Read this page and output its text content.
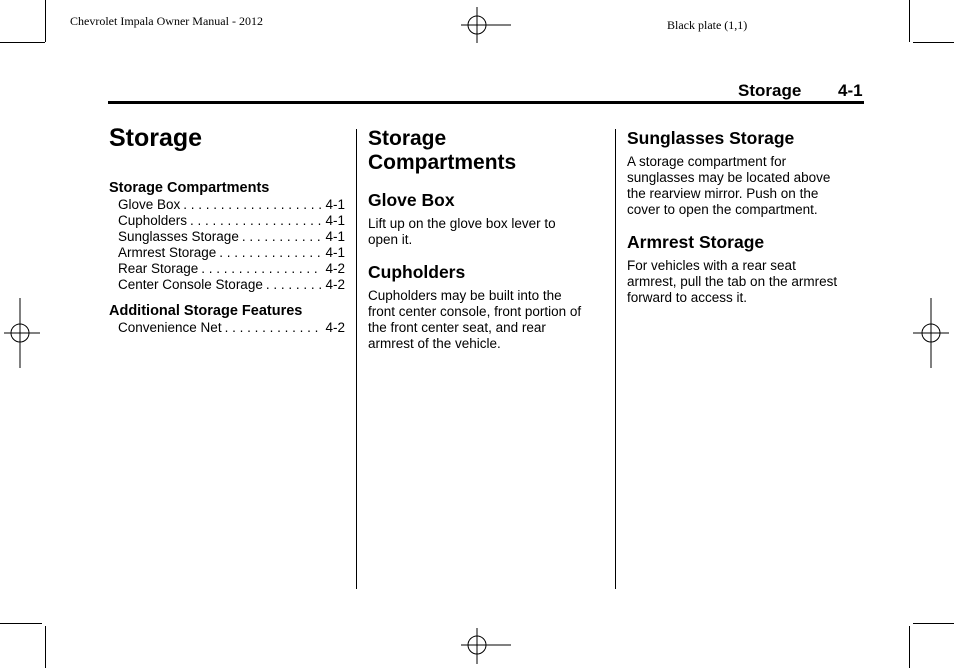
Chevrolet Impala Owner Manual - 2012	Black plate (1,1)
Storage 4-1
Storage
Storage Compartments
Glove Box . . .	4-1
Cupholders . . .	4-1
Sunglasses Storage . . .	4-1
Armrest Storage . . .	4-1
Rear Storage . . .	4-2
Center Console Storage . . .	4-2
Additional Storage Features
Convenience Net . . .	4-2
Storage
Compartments
Glove Box
Lift up on the glove box lever to
open it.
Cupholders
Cupholders may be built into the
front center console, front portion of
the front center seat, and rear
armrest of the vehicle.
Sunglasses Storage
A storage compartment for
sunglasses may be located above
the rearview mirror. Push on the
cover to open the compartment.
Armrest Storage
For vehicles with a rear seat
armrest, pull the tab on the armrest
forward to access it.
